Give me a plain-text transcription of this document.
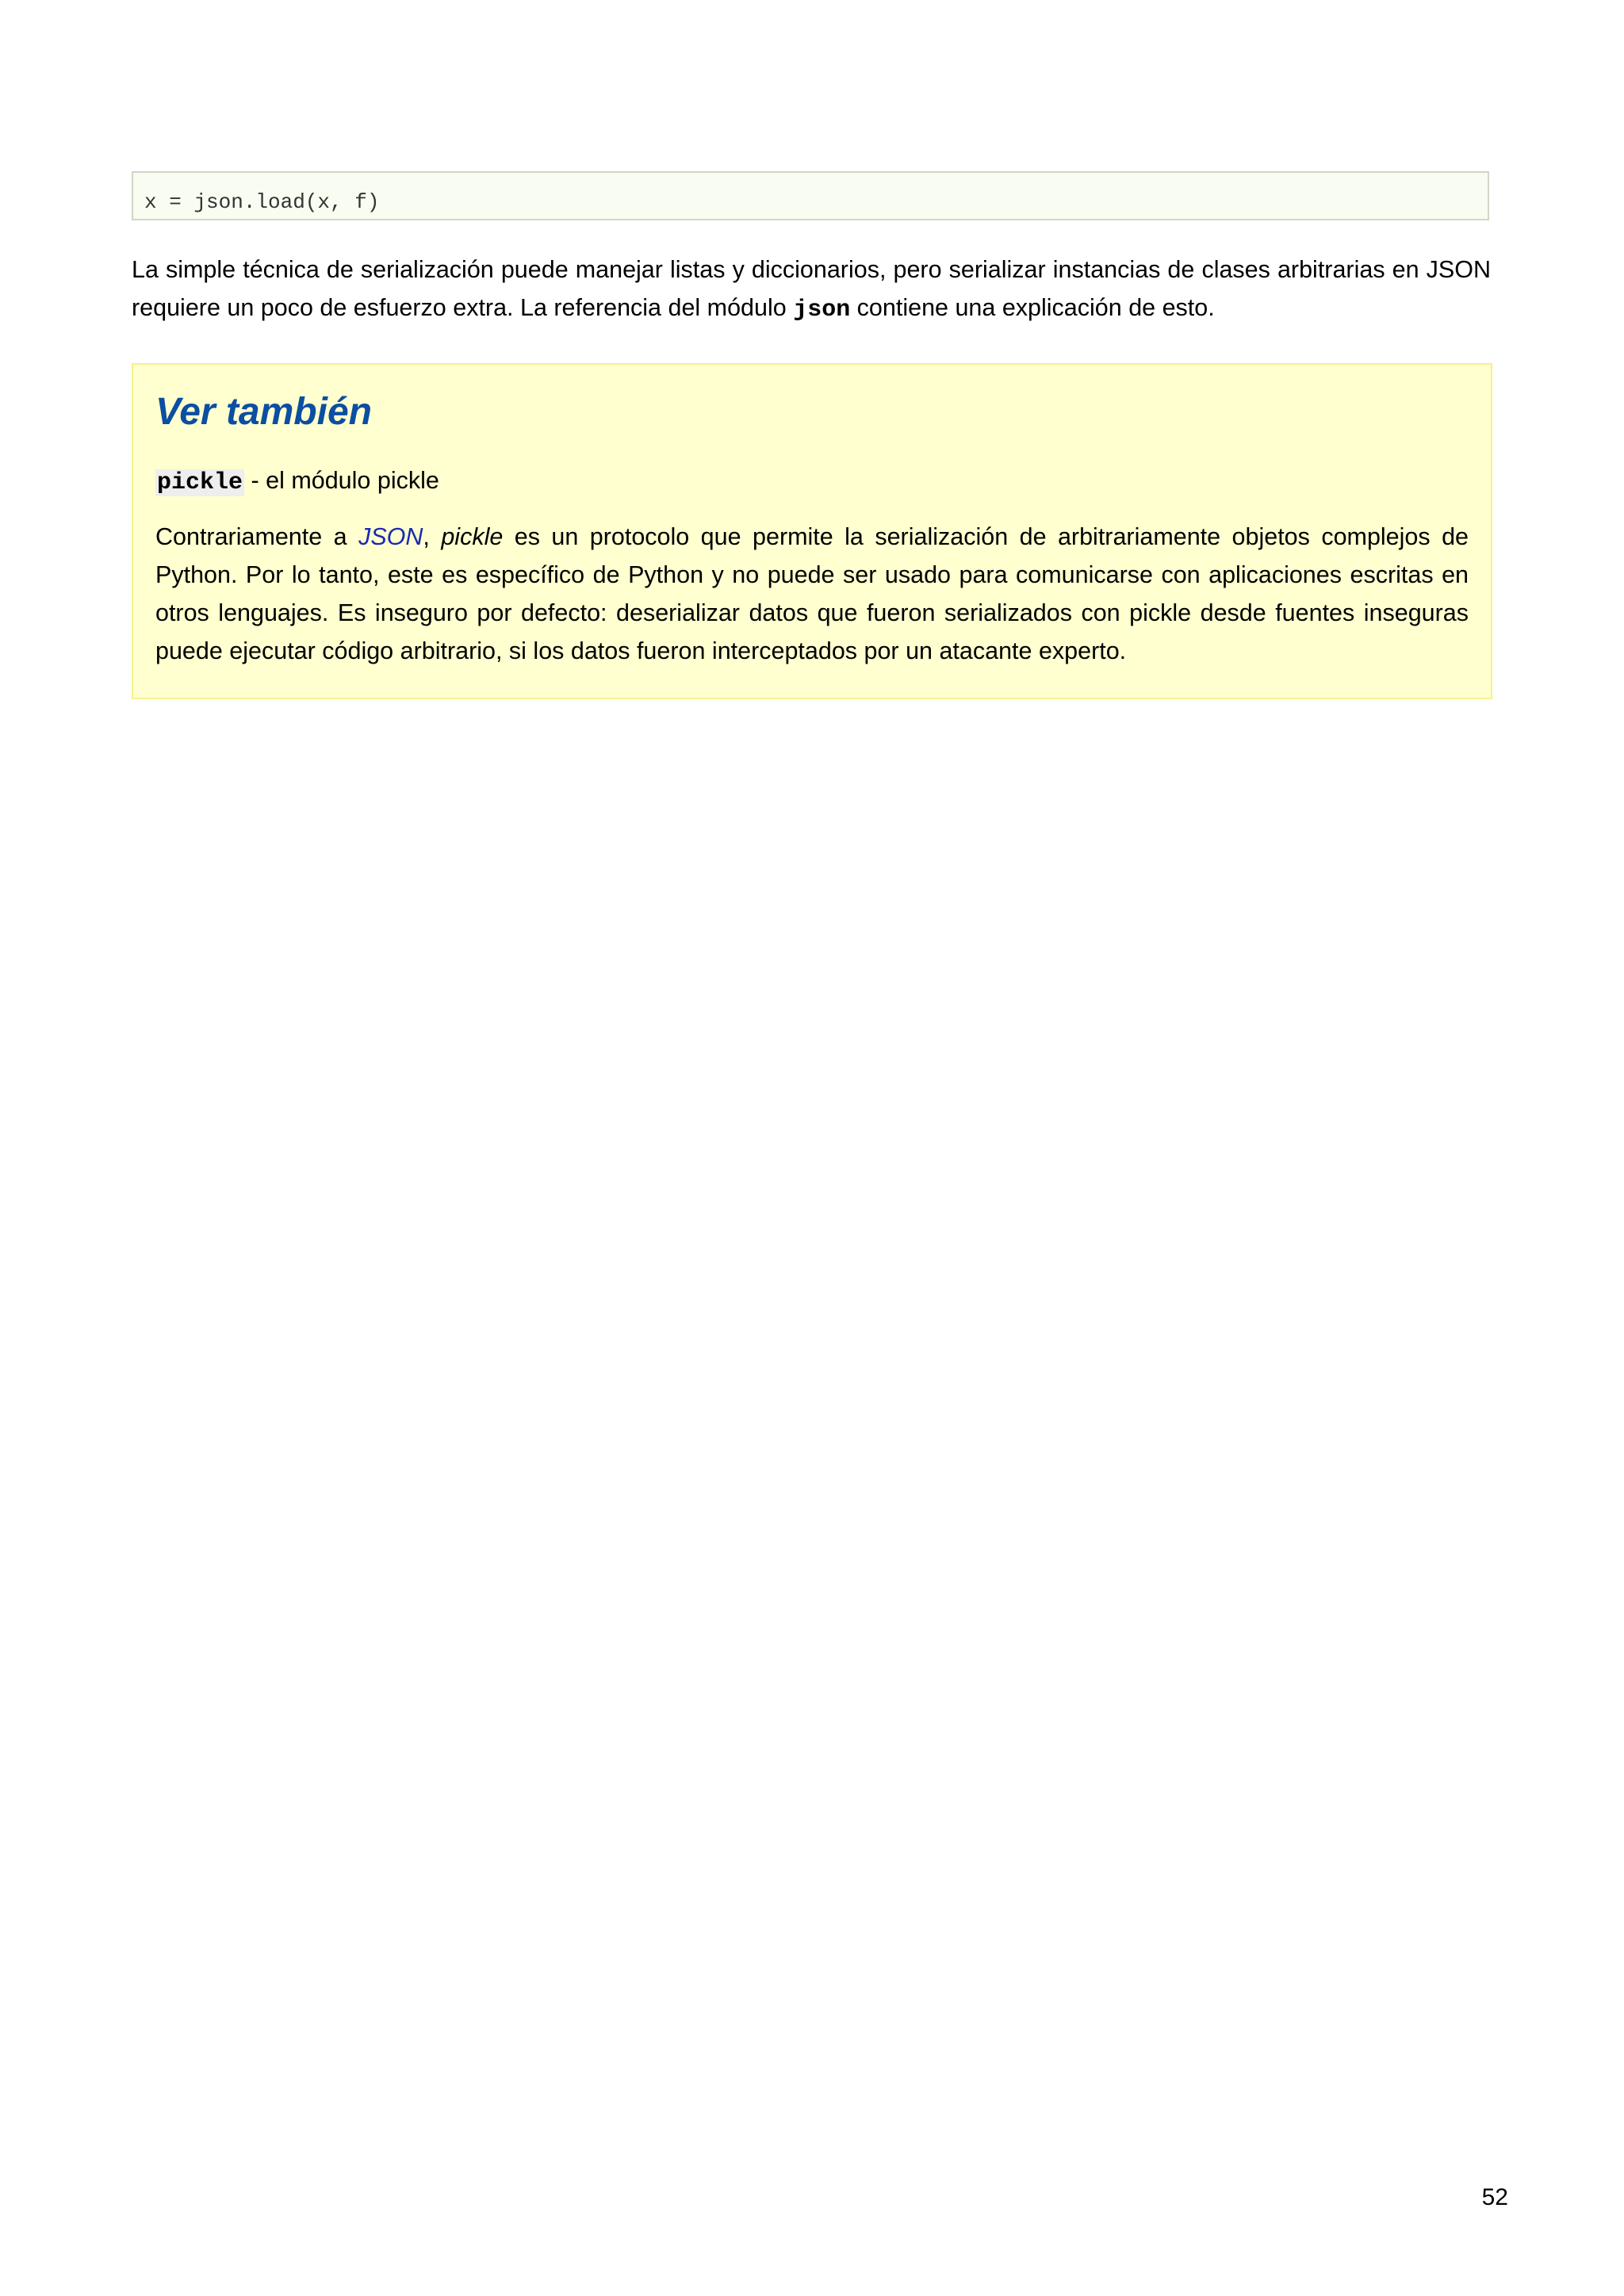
x = json.load(x, f)

La simple técnica de serialización puede manejar listas y diccionarios, pero serializar instancias de clases arbitrarias en JSON requiere un poco de esfuerzo extra. La referencia del módulo json contiene una explicación de esto.

Ver también

pickle - el módulo pickle

Contrariamente a JSON, pickle es un protocolo que permite la serialización de arbitrariamente objetos complejos de Python. Por lo tanto, este es específico de Python y no puede ser usado para comunicarse con aplicaciones escritas en otros lenguajes. Es inseguro por defecto: deserializar datos que fueron serializados con pickle desde fuentes inseguras puede ejecutar código arbitrario, si los datos fueron interceptados por un atacante experto.

52
